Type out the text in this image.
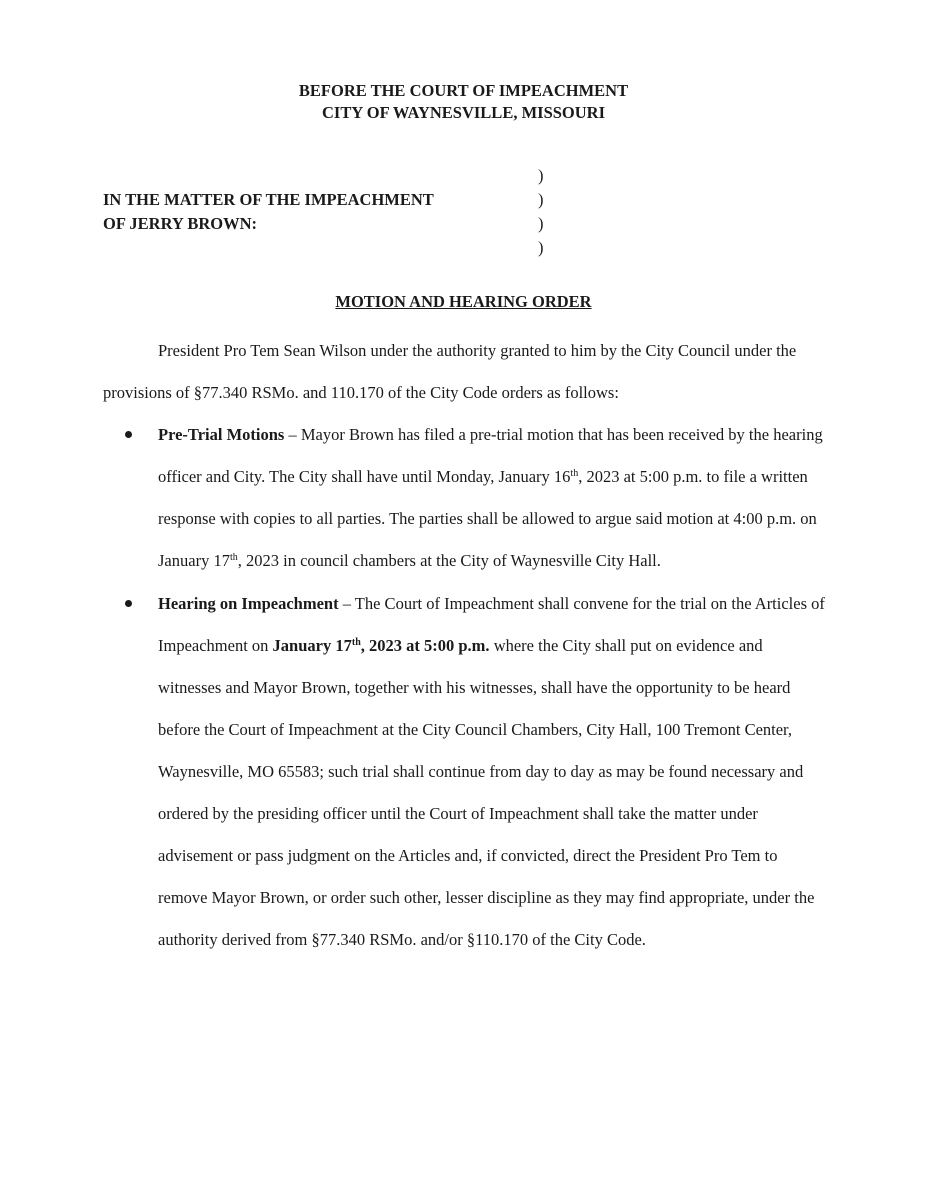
BEFORE THE COURT OF IMPEACHMENT
CITY OF WAYNESVILLE, MISSOURI
IN THE MATTER OF THE IMPEACHMENT
OF JERRY BROWN:
)
)
)
)
MOTION AND HEARING ORDER

President Pro Tem Sean Wilson under the authority granted to him by the City Council under the provisions of §77.340 RSMo. and 110.170 of the City Code orders as follows:

Pre-Trial Motions – Mayor Brown has filed a pre-trial motion that has been received by the hearing officer and City. The City shall have until Monday, January 16th, 2023 at 5:00 p.m. to file a written response with copies to all parties. The parties shall be allowed to argue said motion at 4:00 p.m. on January 17th, 2023 in council chambers at the City of Waynesville City Hall.
Hearing on Impeachment – The Court of Impeachment shall convene for the trial on the Articles of Impeachment on January 17th, 2023 at 5:00 p.m. where the City shall put on evidence and witnesses and Mayor Brown, together with his witnesses, shall have the opportunity to be heard before the Court of Impeachment at the City Council Chambers, City Hall, 100 Tremont Center, Waynesville, MO 65583; such trial shall continue from day to day as may be found necessary and ordered by the presiding officer until the Court of Impeachment shall take the matter under advisement or pass judgment on the Articles and, if convicted, direct the President Pro Tem to remove Mayor Brown, or order such other, lesser discipline as they may find appropriate, under the authority derived from §77.340 RSMo. and/or §110.170 of the City Code.
